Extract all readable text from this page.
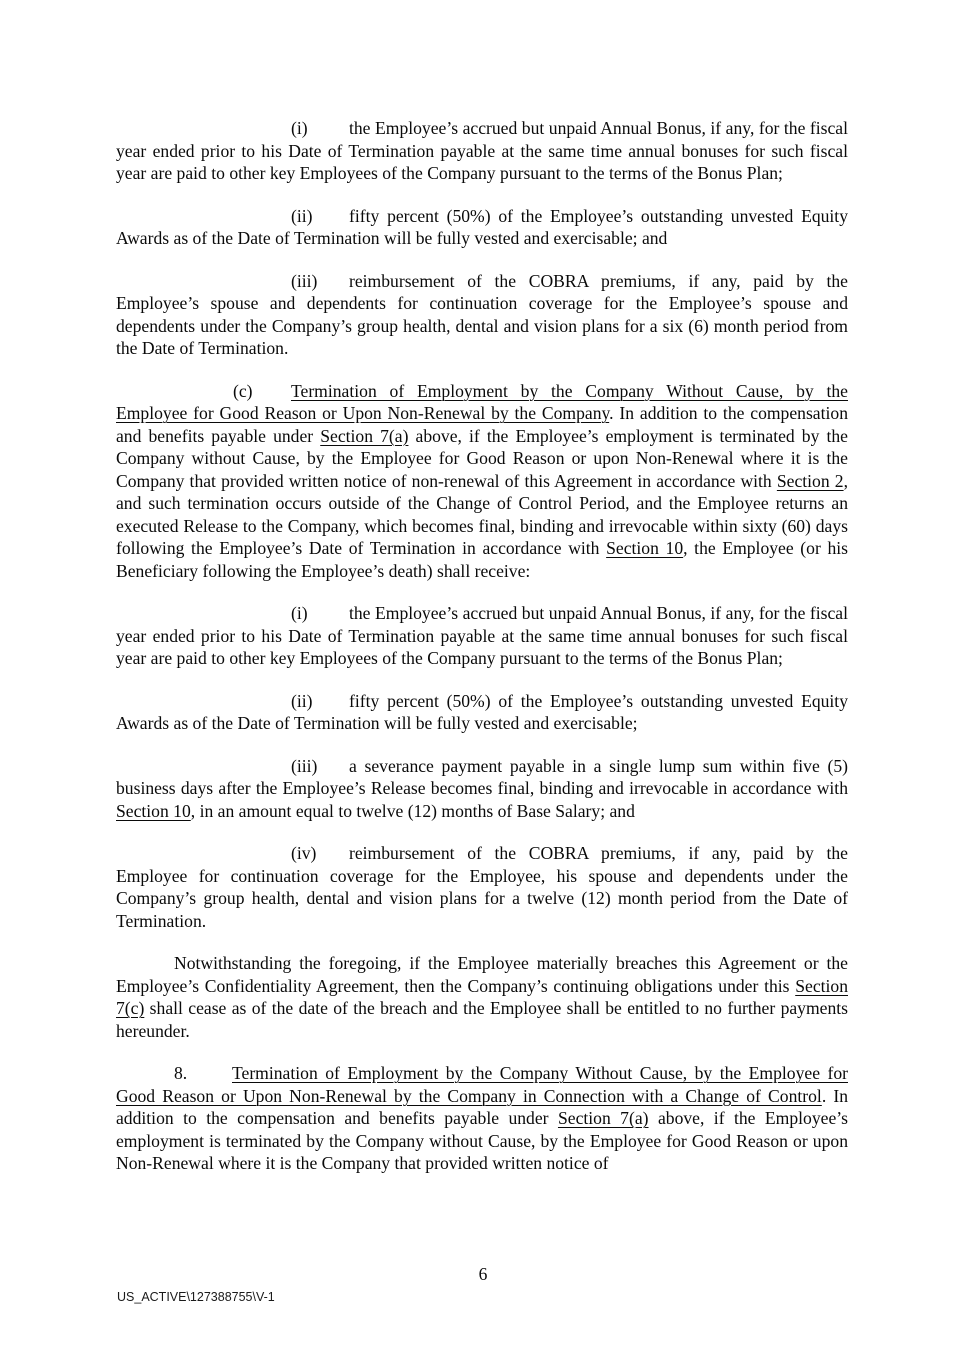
(i) the Employee’s accrued but unpaid Annual Bonus, if any, for the fiscal year ended prior to his Date of Termination payable at the same time annual bonuses for such fiscal year are paid to other key Employees of the Company pursuant to the terms of the Bonus Plan;

(ii) fifty percent (50%) of the Employee’s outstanding unvested Equity Awards as of the Date of Termination will be fully vested and exercisable; and

(iii) reimbursement of the COBRA premiums, if any, paid by the Employee’s spouse and dependents for continuation coverage for the Employee’s spouse and dependents under the Company’s group health, dental and vision plans for a six (6) month period from the Date of Termination.

(c) Termination of Employment by the Company Without Cause, by the Employee for Good Reason or Upon Non-Renewal by the Company. In addition to the compensation and benefits payable under Section 7(a) above, if the Employee’s employment is terminated by the Company without Cause, by the Employee for Good Reason or upon Non-Renewal where it is the Company that provided written notice of non-renewal of this Agreement in accordance with Section 2, and such termination occurs outside of the Change of Control Period, and the Employee returns an executed Release to the Company, which becomes final, binding and irrevocable within sixty (60) days following the Employee’s Date of Termination in accordance with Section 10, the Employee (or his Beneficiary following the Employee’s death) shall receive:

(i) the Employee’s accrued but unpaid Annual Bonus, if any, for the fiscal year ended prior to his Date of Termination payable at the same time annual bonuses for such fiscal year are paid to other key Employees of the Company pursuant to the terms of the Bonus Plan;

(ii) fifty percent (50%) of the Employee’s outstanding unvested Equity Awards as of the Date of Termination will be fully vested and exercisable;

(iii) a severance payment payable in a single lump sum within five (5) business days after the Employee’s Release becomes final, binding and irrevocable in accordance with Section 10, in an amount equal to twelve (12) months of Base Salary; and

(iv) reimbursement of the COBRA premiums, if any, paid by the Employee for continuation coverage for the Employee, his spouse and dependents under the Company’s group health, dental and vision plans for a twelve (12) month period from the Date of Termination.

Notwithstanding the foregoing, if the Employee materially breaches this Agreement or the Employee’s Confidentiality Agreement, then the Company’s continuing obligations under this Section 7(c) shall cease as of the date of the breach and the Employee shall be entitled to no further payments hereunder.

8.	Termination of Employment by the Company Without Cause, by the Employee for Good Reason or Upon Non-Renewal by the Company in Connection with a Change of Control. In addition to the compensation and benefits payable under Section 7(a) above, if the Employee’s employment is terminated by the Company without Cause, by the Employee for Good Reason or upon Non-Renewal where it is the Company that provided written notice of

6
US_ACTIVE\127388755\V-1
